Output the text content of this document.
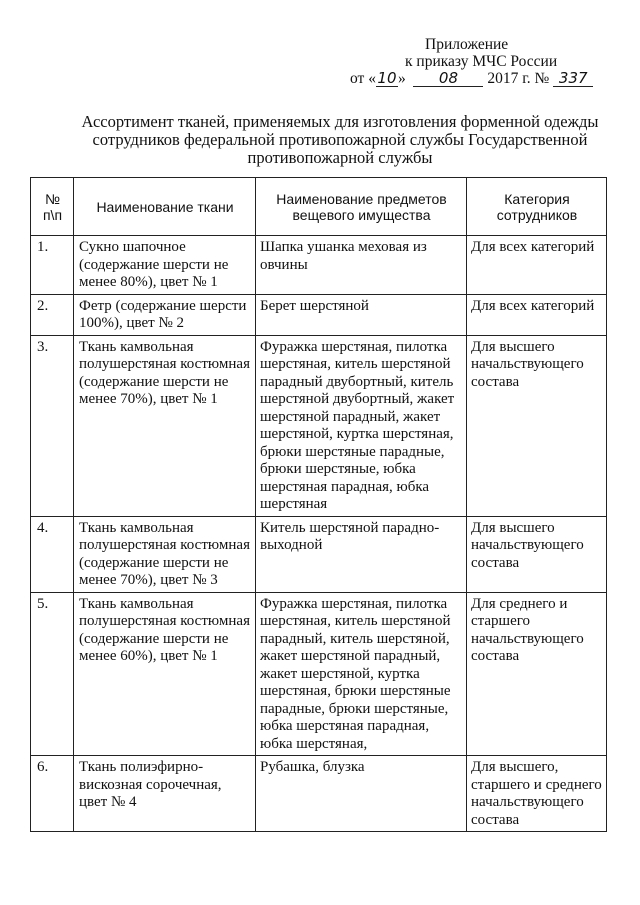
Приложение
к приказу МЧС России
от «10» 08 2017 г. № 337
Ассортимент тканей, применяемых для изготовления форменной одежды сотрудников федеральной противопожарной службы Государственной противопожарной службы
№ п\п	Наименование ткани	Наименование предметов вещевого имущества	Категория сотрудников
1.	Сукно шапочное (содержание шерсти не менее 80%), цвет № 1	Шапка ушанка меховая из овчины	Для всех категорий
2.	Фетр (содержание шерсти 100%), цвет № 2	Берет шерстяной	Для всех категорий
3.	Ткань камвольная полушерстяная костюмная (содержание шерсти не менее 70%), цвет № 1	Фуражка шерстяная, пилотка шерстяная, китель шерстяной парадный двубортный, китель шерстяной двубортный, жакет шерстяной парадный, жакет шерстяной, куртка шерстяная, брюки шерстяные парадные, брюки шерстяные, юбка шерстяная парадная, юбка шерстяная	Для высшего начальствующего состава
4.	Ткань камвольная полушерстяная костюмная (содержание шерсти не менее 70%), цвет № 3	Китель шерстяной парадно-выходной	Для высшего начальствующего состава
5.	Ткань камвольная полушерстяная костюмная (содержание шерсти не менее 60%), цвет № 1	Фуражка шерстяная, пилотка шерстяная, китель шерстяной парадный, китель шерстяной, жакет шерстяной парадный, жакет шерстяной, куртка шерстяная, брюки шерстяные парадные, брюки шерстяные, юбка шерстяная парадная, юбка шерстяная,	Для среднего и старшего начальствующего состава
6.	Ткань полиэфирно-вискозная сорочечная, цвет № 4	Рубашка, блузка	Для высшего, старшего и среднего начальствующего состава
